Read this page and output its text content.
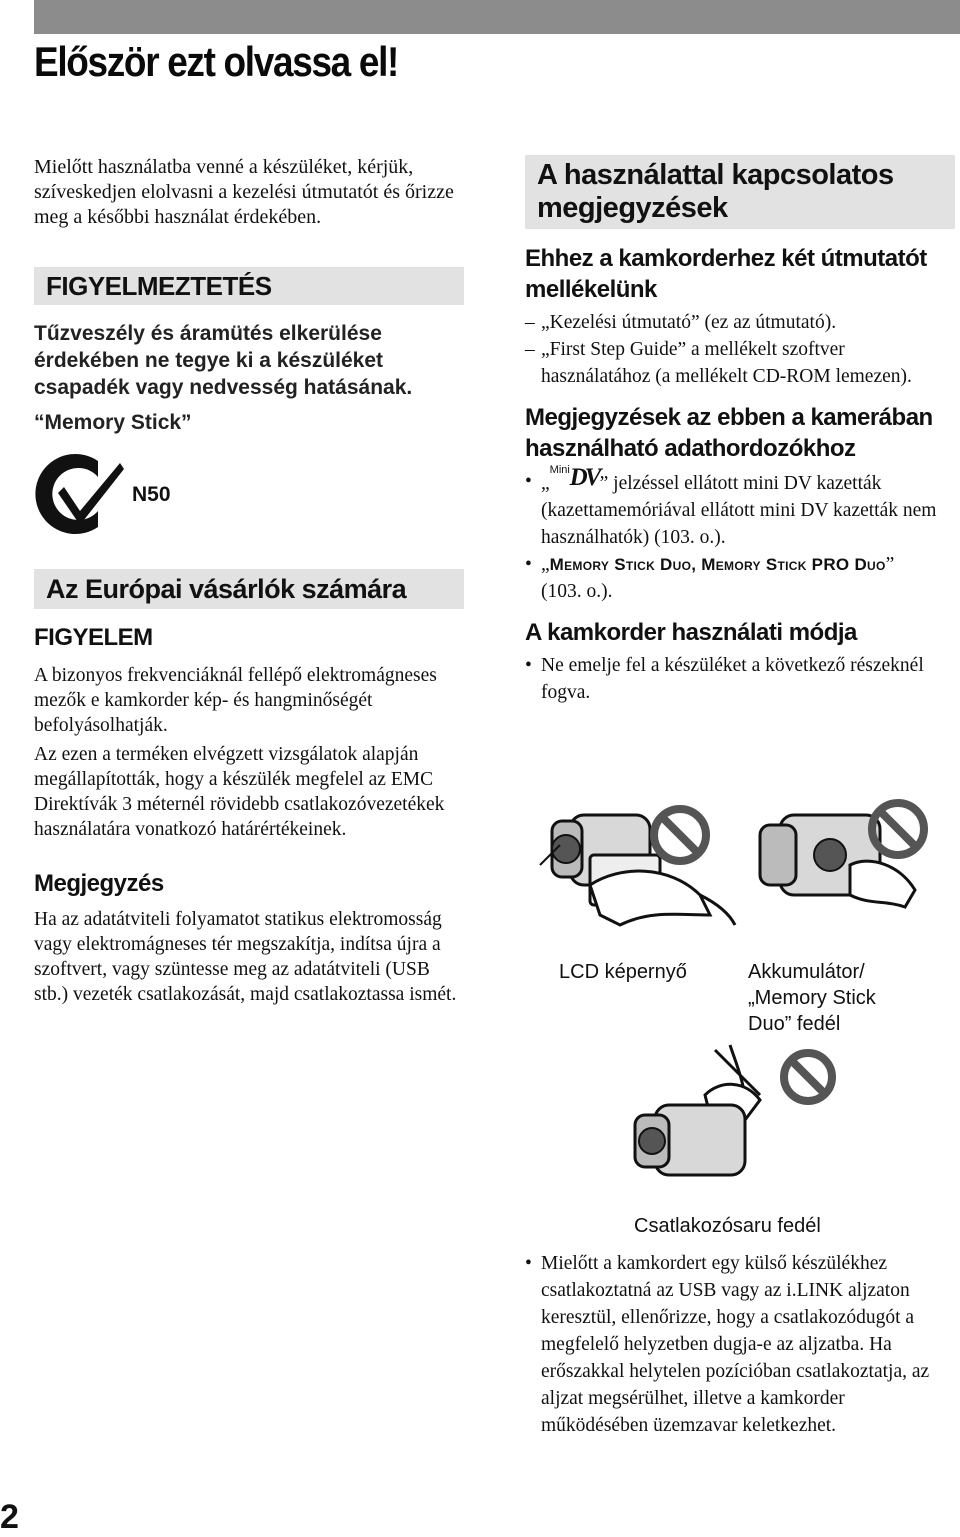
Először ezt olvassa el!

Mielőtt használatba venné a készüléket, kérjük, szíveskedjen elolvasni a kezelési útmutatót és őrizze meg a későbbi használat érdekében.

FIGYELMEZTETÉS

Tűzveszély és áramütés elkerülése érdekében ne tegye ki a készüléket csapadék vagy nedvesség hatásának.

“Memory Stick”
N50
Az Európai vásárlók számára
FIGYELEM

A bizonyos frekvenciáknál fellépő elektromágneses mezők e kamkorder kép- és hangminőségét befolyásolhatják.

Az ezen a terméken elvégzett vizsgálatok alapján megállapították, hogy a készülék megfelel az EMC Direktívák 3 méternél rövidebb csatlakozóvezetékek használatára vonatkozó határértékeinek.

Megjegyzés

Ha az adatátviteli folyamatot statikus elektromosság vagy elektromágneses tér megszakítja, indítsa újra a szoftvert, vagy szüntesse meg az adatátviteli (USB stb.) vezeték csatlakozását, majd csatlakoztassa ismét.

A használattal kapcsolatos megjegyzések
Ehhez a kamkorderhez két útmutatót mellékelünk
– „Kezelési útmutató” (ez az útmutató).
– „First Step Guide” a mellékelt szoftver használatához (a mellékelt CD-ROM lemezen).
Megjegyzések az ebben a kamerában használható adathordozókhoz
• „
Mini DV ” jelzéssel ellátott mini DV kazetták (kazettamemóriával ellátott mini DV kazetták nem használhatók) (103. o.).
• „Memory Stick Duo, Memory Stick PRO Duo”
(103. o.).
A kamkorder használati módja
• Ne emelje fel a készüléket a következő részeknél fogva.
LCD képernyő	Akkumulátor/ „Memory Stick Duo” fedél
Csatlakozósaru fedél
• Mielőtt a kamkordert egy külső készülékhez csatlakoztatná az USB vagy az i.LINK aljzaton keresztül, ellenőrizze, hogy a csatlakozódugót a megfelelő helyzetben dugja-e az aljzatba. Ha erőszakkal helytelen pozícióban csatlakoztatja, az aljzat megsérülhet, illetve a kamkorder működésében üzemzavar keletkezhet.
2
